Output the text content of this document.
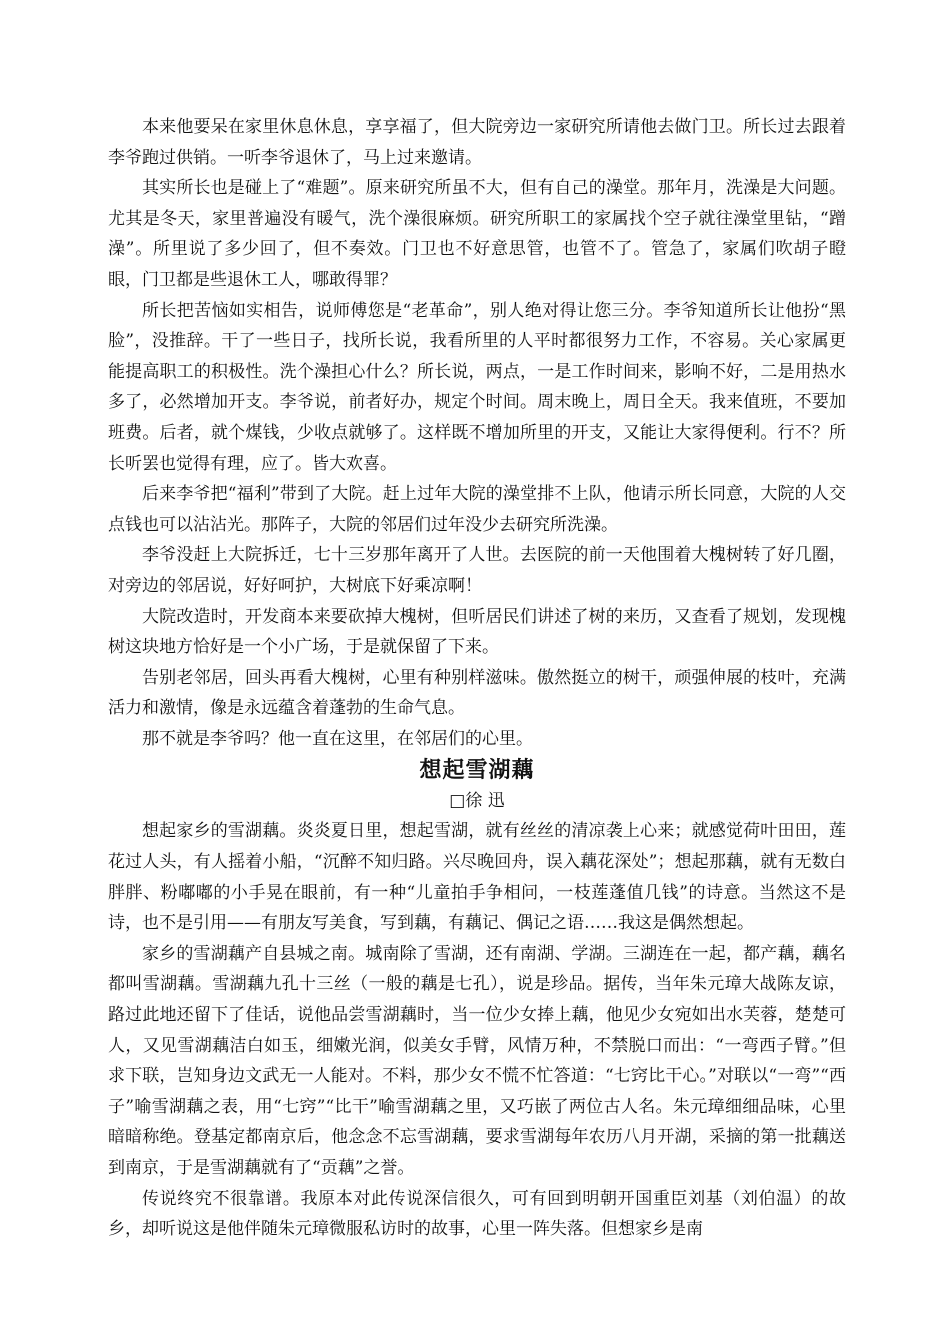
本来他要呆在家里休息休息，享享福了，但大院旁边一家研究所请他去做门卫。所长过去跟着李爷跑过供销。一听李爷退休了，马上过来邀请。

其实所长也是碰上了“难题”。原来研究所虽不大，但有自己的澡堂。那年月，洗澡是大问题。尤其是冬天，家里普遍没有暖气，洗个澡很麻烦。研究所职工的家属找个空子就往澡堂里钻，“蹭澡”。所里说了多少回了，但不奏效。门卫也不好意思管，也管不了。管急了，家属们吹胡子瞪眼，门卫都是些退休工人，哪敢得罪？

所长把苦恼如实相告，说师傅您是“老革命”，别人绝对得让您三分。李爷知道所长让他扮“黑脸”，没推辞。干了一些日子，找所长说，我看所里的人平时都很努力工作，不容易。关心家属更能提高职工的积极性。洗个澡担心什么？所长说，两点，一是工作时间来，影响不好，二是用热水多了，必然增加开支。李爷说，前者好办，规定个时间。周末晚上，周日全天。我来值班，不要加班费。后者，就个煤钱，少收点就够了。这样既不增加所里的开支，又能让大家得便利。行不？所长听罢也觉得有理，应了。皆大欢喜。

后来李爷把“福利”带到了大院。赶上过年大院的澡堂排不上队，他请示所长同意，大院的人交点钱也可以沾沾光。那阵子，大院的邻居们过年没少去研究所洗澡。

李爷没赶上大院拆迁，七十三岁那年离开了人世。去医院的前一天他围着大槐树转了好几圈，对旁边的邻居说，好好呵护，大树底下好乘凉啊！

大院改造时，开发商本来要砍掉大槐树，但听居民们讲述了树的来历，又查看了规划，发现槐树这块地方恰好是一个小广场，于是就保留了下来。

告别老邻居，回头再看大槐树，心里有种别样滋味。傲然挺立的树干，顽强伸展的枝叶，充满活力和激情，像是永远蕴含着蓬勃的生命气息。

那不就是李爷吗？他一直在这里，在邻居们的心里。

想起雪湖藕

□徐 迅

想起家乡的雪湖藕。炎炎夏日里，想起雪湖，就有丝丝的清凉袭上心来；就感觉荷叶田田，莲花过人头，有人摇着小船，“沉醉不知归路。兴尽晚回舟，误入藕花深处”；想起那藕，就有无数白胖胖、粉嘟嘟的小手晃在眼前，有一种“儿童拍手争相问，一枝莲蓬值几钱”的诗意。当然这不是诗，也不是引用——有朋友写美食，写到藕，有藕记、偶记之语……我这是偶然想起。

家乡的雪湖藕产自县城之南。城南除了雪湖，还有南湖、学湖。三湖连在一起，都产藕，藕名都叫雪湖藕。雪湖藕九孔十三丝（一般的藕是七孔），说是珍品。据传，当年朱元璋大战陈友谅，路过此地还留下了佳话，说他品尝雪湖藕时，当一位少女捧上藕，他见少女宛如出水芙蓉，楚楚可人，又见雪湖藕洁白如玉，细嫩光润，似美女手臂，风情万种，不禁脱口而出：“一弯西子臂。”但求下联，岂知身边文武无一人能对。不料，那少女不慌不忙答道：“七窍比干心。”对联以“一弯”“西子”喻雪湖藕之表，用“七窍”“比干”喻雪湖藕之里，又巧嵌了两位古人名。朱元璋细细品味，心里暗暗称绝。登基定都南京后，他念念不忘雪湖藕，要求雪湖每年农历八月开湖，采摘的第一批藕送到南京，于是雪湖藕就有了“贡藕”之誉。

传说终究不很靠谱。我原本对此传说深信很久，可有回到明朝开国重臣刘基（刘伯温）的故乡，却听说这是他伴随朱元璋微服私访时的故事，心里一阵失落。但想家乡是南
